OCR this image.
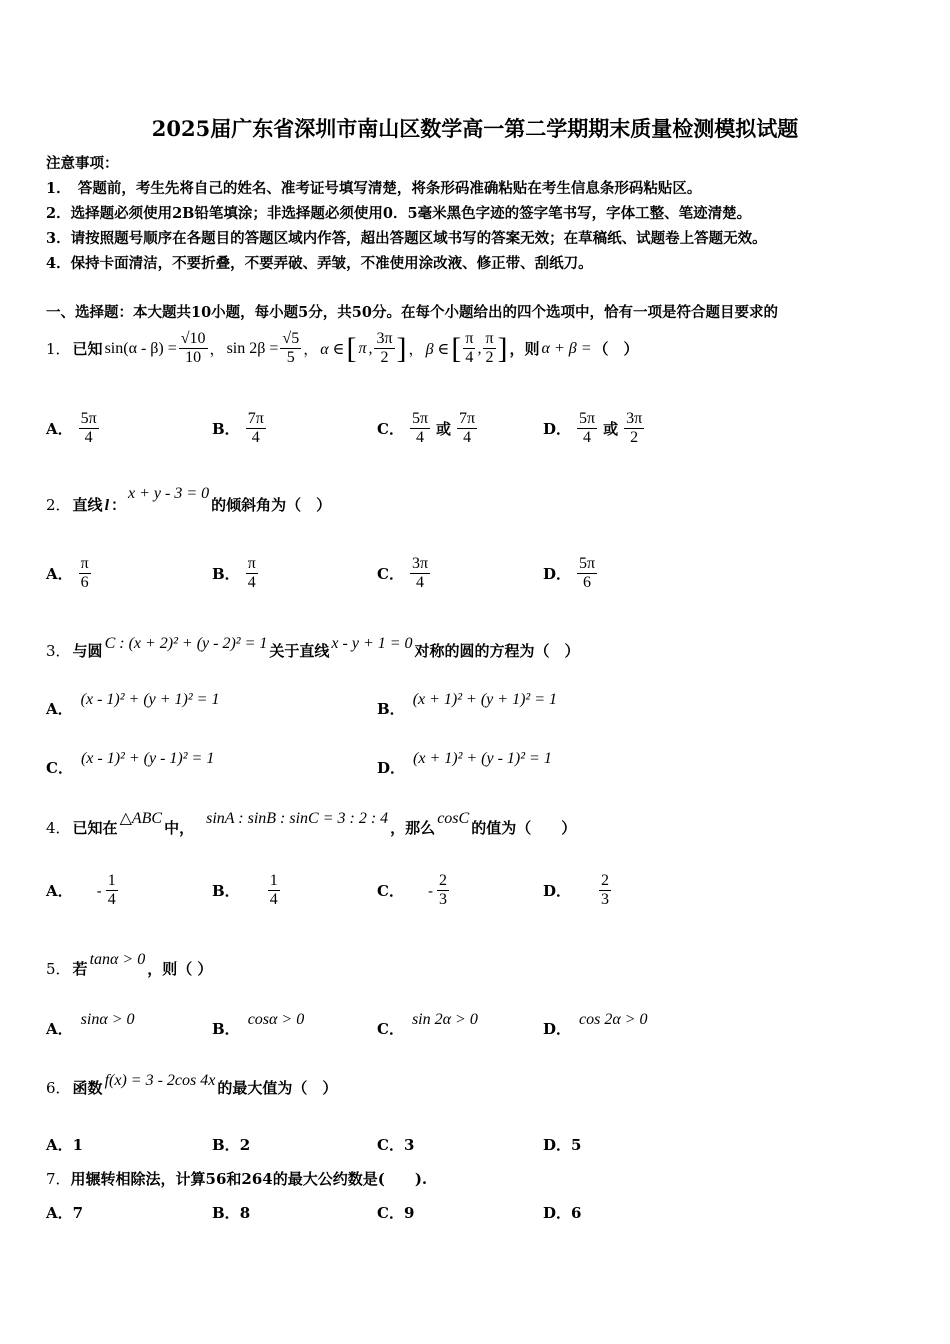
2025届广东省深圳市南山区数学高一第二学期期末质量检测模拟试题
注意事项：
1．　答题前，考生先将自己的姓名、准考证号填写清楚，将条形码准确粘贴在考生信息条形码粘贴区。
2．选择题必须使用2B铅笔填涂；非选择题必须使用0．5毫米黑色字迹的签字笔书写，字体工整、笔迹清楚。
3．请按照题号顺序在各题目的答题区域内作答，超出答题区域书写的答案无效；在草稿纸、试题卷上答题无效。
4．保持卡面清洁，不要折叠，不要弄破、弄皱，不准使用涂改液、修正带、刮纸刀。
一、选择题：本大题共10小题，每小题5分，共50分。在每个小题给出的四个选项中，恰有一项是符合题目要求的
1． 已知 $\sin(\alpha - \beta) = \frac{√10}{10}$ ， $\sin 2\beta = \frac{√5}{5}$ ， α ∈ [ π , $\frac{3\pi}{2}$ ] ， β ∈ [ $\frac{\pi}{4}$ , $\frac{\pi}{2}$ ] ，则 α + β = （　）
A． $\frac{5\pi}{4}$	B． $\frac{7\pi}{4}$	C． $\frac{5\pi}{4}$ 或 $\frac{7\pi}{4}$	D． $\frac{5\pi}{4}$ 或 $\frac{3\pi}{2}$
2． 直线 l ：
x + y - 3 = 0
的倾斜角为（　）
A． $\frac{\pi}{6}$	B． $\frac{\pi}{4}$	C． $\frac{3\pi}{4}$	D． $\frac{5\pi}{6}$
3． 与圆 C : (x + 2)² + (y - 2)² = 1 关于直线 x - y + 1 = 0 对称的圆的方程为（　）
A．
(x - 1)² + (y + 1)² = 1
B．
(x + 1)² + (y + 1)² = 1
C．
(x - 1)² + (y - 1)² = 1
D．
(x + 1)² + (y - 1)² = 1
4． 已知在
△ABC
中，
sinA : sinB : sinC = 3 : 2 : 4
，那么
cosC
的值为（　　）
A． - $\frac{1}{4}$	B． $\frac{1}{4}$	C． - $\frac{2}{3}$	D． $\frac{2}{3}$
5． 若
tanα > 0
，则（ ）
A．
sinα > 0
B．
cosα > 0
C．
sin 2α > 0
D．
cos 2α > 0
6． 函数 f(x) = 3 - 2cos 4x 的最大值为（　）
A．1	B．2	C．3	D．5
7．用辗转相除法，计算56和264的最大公约数是(　　).
A．7	B．8	C．9	D．6
